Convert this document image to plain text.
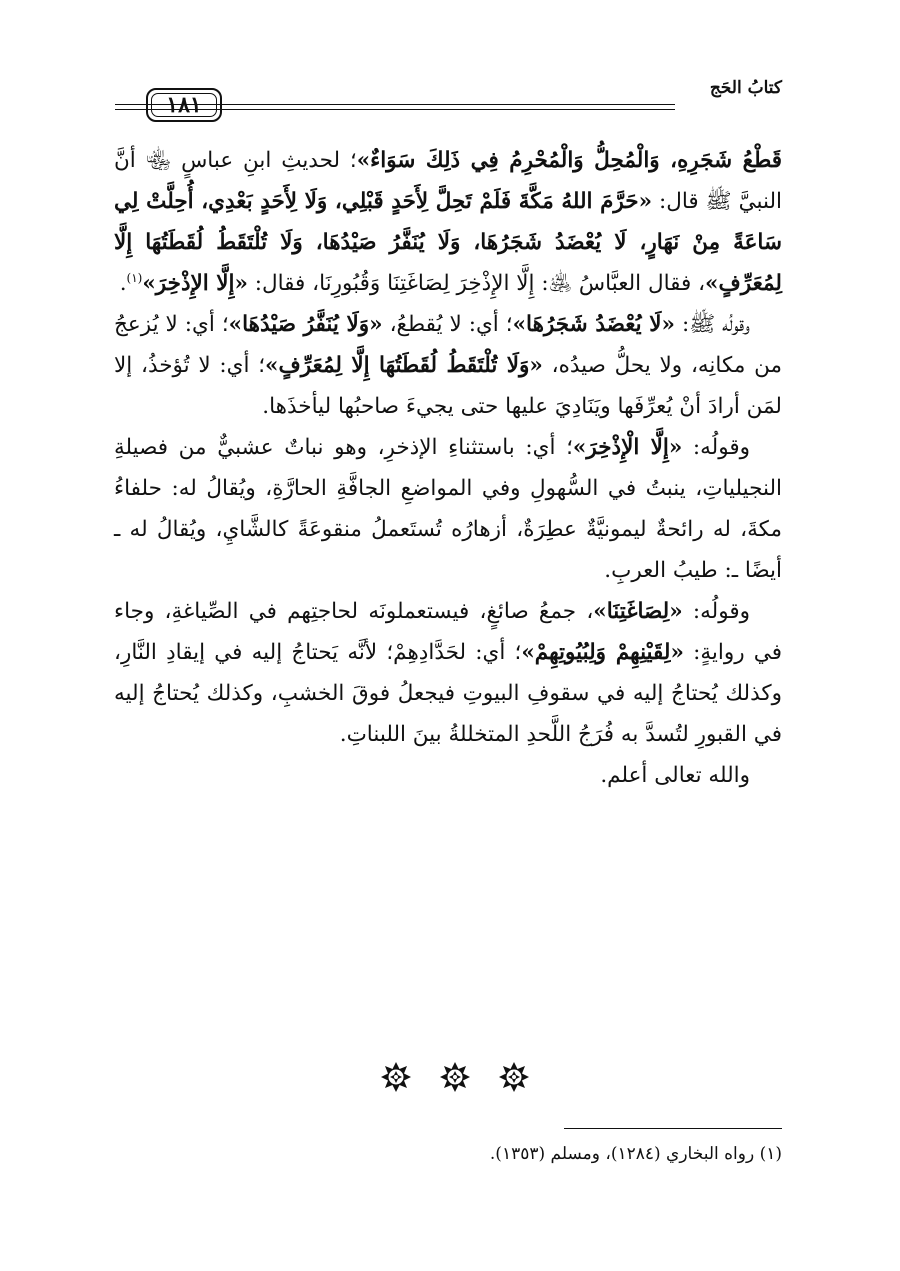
كتابُ الحَج
١٨١

قَطْعُ شَجَرِهِ، وَالْمُحِلُّ وَالْمُحْرِمُ فِي ذَلِكَ سَوَاءٌ»؛ لحديثِ ابنِ عباسٍ ﵄ أنَّ النبيَّ ﷺ قال: «حَرَّمَ اللهُ مَكَّةَ فَلَمْ تَحِلَّ لِأَحَدٍ قَبْلِي، وَلَا لِأَحَدٍ بَعْدِي، أُحِلَّتْ لِي سَاعَةً مِنْ نَهَارٍ، لَا يُعْضَدُ شَجَرُهَا، وَلَا يُنَفَّرُ صَيْدُهَا، وَلَا تُلْتَقَطُ لُقَطَتُهَا إِلَّا لِمُعَرِّفٍ»، فقال العبَّاسُ ﵁: إِلَّا الإِذْخِرَ لِصَاغَتِنَا وَقُبُورِنَا، فقال: «إِلَّا الإِذْخِرَ»$^{(١)}$.

وقولُه ﷺ: «لَا يُعْضَدُ شَجَرُهَا»؛ أي: لا يُقطعُ، «وَلَا يُنَفَّرُ صَيْدُهَا»؛ أي: لا يُزعجُ من مكانِه، ولا يحلُّ صيدُه، «وَلَا تُلْتَقَطُ لُقَطَتُهَا إِلَّا لِمُعَرِّفٍ»؛ أي: لا تُؤخذُ، إلا لمَن أرادَ أنْ يُعرِّفَها ويَنَادِيَ عليها حتى يجيءَ صاحبُها ليأخذَها.

وقولُه: «إِلَّا الْإِذْخِرَ»؛ أي: باستثناءِ الإذخرِ، وهو نباتٌ عشبيٌّ من فصيلةِ النجيلياتِ، ينبتُ في السُّهولِ وفي المواضعِ الجافَّةِ الحارَّةِ، ويُقالُ له: حلفاءُ مكةَ، له رائحةٌ ليمونيَّةٌ عطِرَةٌ، أزهارُه تُستَعملُ منقوعَةً كالشَّايِ، ويُقالُ له ـ أيضًا ـ: طيبُ العربِ.

وقولُه: «لِصَاغَتِنَا»، جمعُ صائغٍ، فيستعملونَه لحاجتِهم في الصِّياغةِ، وجاء في روايةٍ: «لِقَيْنِهِمْ وَلِبُيُوتِهِمْ»؛ أي: لحَدَّادِهِمْ؛ لأنَّه يَحتاجُ إليه في إيقادِ النَّارِ، وكذلك يُحتاجُ إليه في سقوفِ البيوتِ فيجعلُ فوقَ الخشبِ، وكذلك يُحتاجُ إليه في القبورِ لتُسدَّ به فُرَجُ اللَّحدِ المتخللةُ بينَ اللبناتِ.

والله تعالى أعلم.

(١) رواه البخاري (١٢٨٤)، ومسلم (١٣٥٣).
